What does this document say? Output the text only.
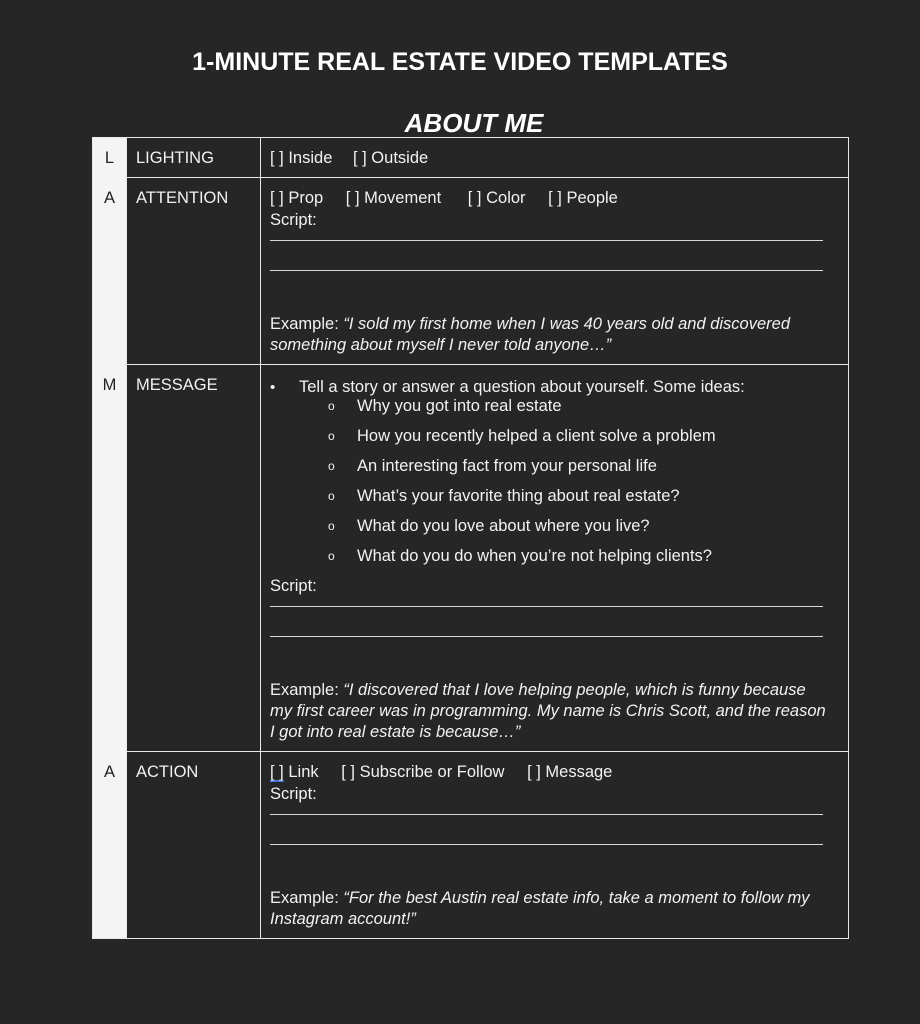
1-MINUTE REAL ESTATE VIDEO TEMPLATES
ABOUT ME
L	LIGHTING	[ ] Inside [ ] Outside

A	ATTENTION	[ ] Prop [ ] Movement [ ] Color [ ] People
Script:
Example: “I sold my first home when I was 40 years old and discovered something about myself I never told anyone…”

M	MESSAGE	•	Tell a story or answer a question about yourself. Some ideas:
o	Why you got into real estate
o	How you recently helped a client solve a problem
o	An interesting fact from your personal life
o	What’s your favorite thing about real estate?
o	What do you love about where you live?
o	What do you do when you’re not helping clients?
Script:
Example: “I discovered that I love helping people, which is funny because my first career was in programming. My name is Chris Scott, and the reason I got into real estate is because…”

A	ACTION	[ ] Link [ ] Subscribe or Follow [ ] Message
Script:
Example: “For the best Austin real estate info, take a moment to follow my Instagram account!”
